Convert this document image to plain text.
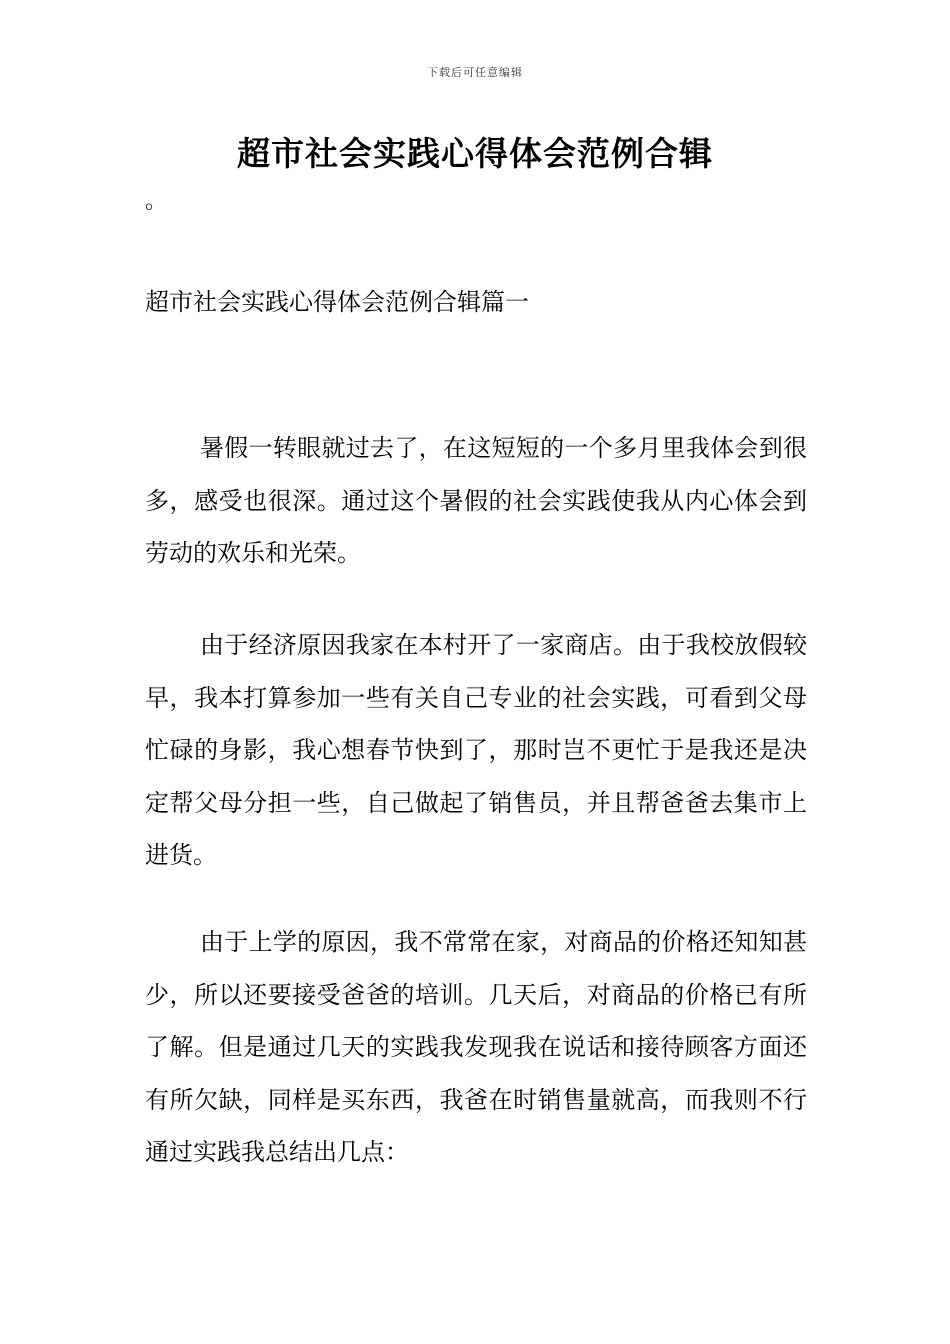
下载后可任意编辑
超市社会实践心得体会范例合辑
。
超市社会实践心得体会范例合辑篇一

暑假一转眼就过去了，在这短短的一个多月里我体会到很多，感受也很深。通过这个暑假的社会实践使我从内心体会到劳动的欢乐和光荣。

由于经济原因我家在本村开了一家商店。由于我校放假较早，我本打算参加一些有关自己专业的社会实践，可看到父母忙碌的身影，我心想春节快到了，那时岂不更忙于是我还是决定帮父母分担一些，自己做起了销售员，并且帮爸爸去集市上进货。

由于上学的原因，我不常常在家，对商品的价格还知知甚少，所以还要接受爸爸的培训。几天后，对商品的价格已有所了解。但是通过几天的实践我发现我在说话和接待顾客方面还有所欠缺，同样是买东西，我爸在时销售量就高，而我则不行通过实践我总结出几点：
